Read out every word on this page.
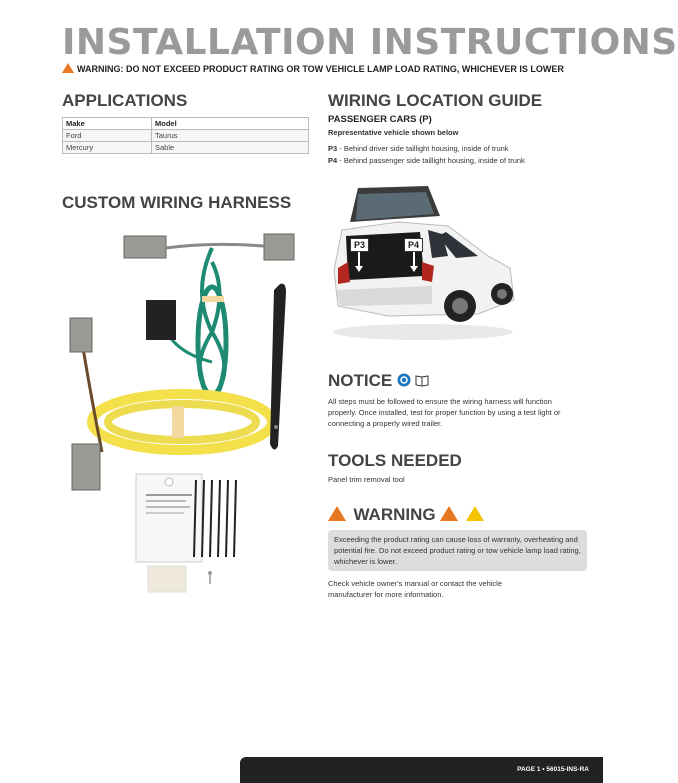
INSTALLATION INSTRUCTIONS
WARNING: DO NOT EXCEED PRODUCT RATING OR TOW VEHICLE LAMP LOAD RATING, WHICHEVER IS LOWER
APPLICATIONS
Make	Model
Ford	Taurus
Mercury	Sable
WIRING LOCATION GUIDE
PASSENGER CARS (P)
Representative vehicle shown below
P3 - Behind driver side taillight housing, inside of trunk
P4 - Behind passenger side taillight housing, inside of trunk
P3	P4
CUSTOM WIRING HARNESS
NOTICE
All steps must be followed to ensure the wiring harness will function properly. Once installed, test for proper function by using a test light or connecting a properly wired trailer.
TOOLS NEEDED
Panel trim removal tool
WARNING
Exceeding the product rating can cause loss of warranty, overheating and potential fire. Do not exceed product rating or tow vehicle lamp load rating, whichever is lower.
Check vehicle owner's manual or contact the vehicle manufacturer for more information.
PAGE 1 • 56015-INS-RA
